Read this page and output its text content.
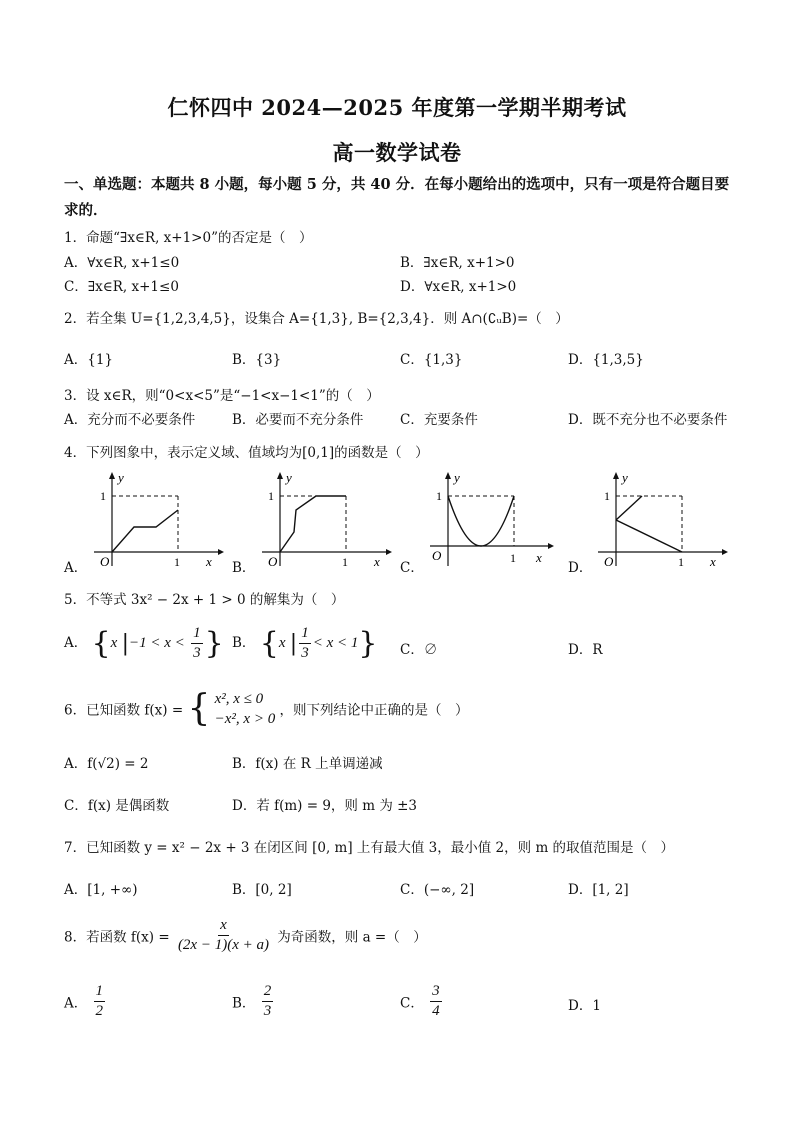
仁怀四中 2024—2025 年度第一学期半期考试
高一数学试卷
一、单选题：本题共 8 小题，每小题 5 分，共 40 分．在每小题给出的选项中，只有一项是符合题目要求的．
1．命题“∃x∈R, x+1>0”的否定是（　）
A．∀x∈R, x+1≤0	B．∃x∈R, x+1>0
C．∃x∈R, x+1≤0	D．∀x∈R, x+1>0
2．若全集 U={1,2,3,4,5}，设集合 A={1,3}, B={2,3,4}．则 A∩(∁ᵤB)=（　）
A．{1}	B．{3}	C．{1,3}	D．{1,3,5}
3．设 x∈R，则“0<x<5”是“−1<x−1<1”的（　）
A．充分而不必要条件	B．必要而不充分条件	C．充要条件	D．既不充分也不必要条件
4．下列图象中，表示定义域、值域均为[0,1]的函数是（　）
A．
y
1
O	1 x B．
y
1
O	1 x C．
y
1
O	1 x
D．
y
1
O	1 x
5．不等式 3x² − 2x + 1 > 0 的解集为（　）
A． {x $|-1 < x < \frac{1}{3}$ } B． {x | $\frac{1}{3} < x < 1$} C．∅	D．R
6．已知函数 f(x) = { x², x ≤ 0
−x², x > 0 ，则下列结论中正确的是（　）
A．f(√2) = 2	B．f(x) 在 R 上单调递减
C．f(x) 是偶函数	D．若 f(m) = 9，则 m 为 ±3
7．已知函数 y = x² − 2x + 3 在闭区间 [0, m] 上有最大值 3，最小值 2，则 m 的取值范围是（　）
A．[1, +∞)	B．[0, 2]	C．(−∞, 2]	D．[1, 2]
8．若函数 $f(x) = \frac{x}{(2x - 1)(x + a)}$ 为奇函数，则 a =（　）
A． $\frac{1}{2}$	B． $\frac{2}{3}$	C． $\frac{3}{4}$	D．1
